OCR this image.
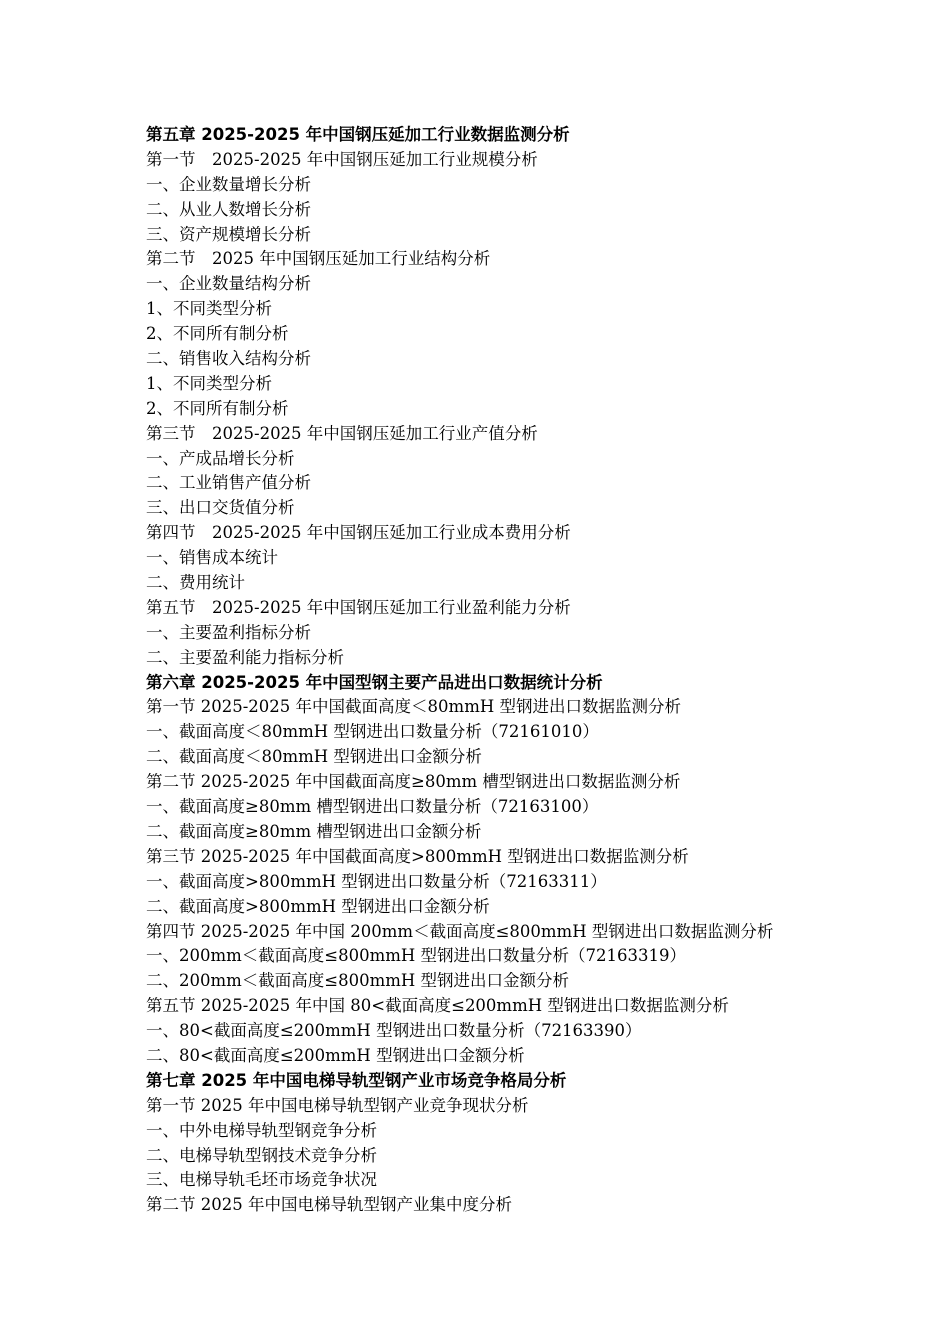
第五章 2025-2025 年中国钢压延加工行业数据监测分析
第一节　2025-2025 年中国钢压延加工行业规模分析
一、企业数量增长分析
二、从业人数增长分析
三、资产规模增长分析
第二节　2025 年中国钢压延加工行业结构分析
一、企业数量结构分析
1、不同类型分析
2、不同所有制分析
二、销售收入结构分析
1、不同类型分析
2、不同所有制分析
第三节　2025-2025 年中国钢压延加工行业产值分析
一、产成品增长分析
二、工业销售产值分析
三、出口交货值分析
第四节　2025-2025 年中国钢压延加工行业成本费用分析
一、销售成本统计
二、费用统计
第五节　2025-2025 年中国钢压延加工行业盈利能力分析
一、主要盈利指标分析
二、主要盈利能力指标分析
第六章 2025-2025 年中国型钢主要产品进出口数据统计分析
第一节 2025-2025 年中国截面高度＜80mmH 型钢进出口数据监测分析
一、截面高度＜80mmH 型钢进出口数量分析（72161010）
二、截面高度＜80mmH 型钢进出口金额分析
第二节 2025-2025 年中国截面高度≥80mm 槽型钢进出口数据监测分析
一、截面高度≥80mm 槽型钢进出口数量分析（72163100）
二、截面高度≥80mm 槽型钢进出口金额分析
第三节 2025-2025 年中国截面高度>800mmH 型钢进出口数据监测分析
一、截面高度>800mmH 型钢进出口数量分析（72163311）
二、截面高度>800mmH 型钢进出口金额分析
第四节 2025-2025 年中国 200mm＜截面高度≤800mmH 型钢进出口数据监测分析
一、200mm＜截面高度≤800mmH 型钢进出口数量分析（72163319）
二、200mm＜截面高度≤800mmH 型钢进出口金额分析
第五节 2025-2025 年中国 80<截面高度≤200mmH 型钢进出口数据监测分析
一、80<截面高度≤200mmH 型钢进出口数量分析（72163390）
二、80<截面高度≤200mmH 型钢进出口金额分析
第七章 2025 年中国电梯导轨型钢产业市场竞争格局分析
第一节 2025 年中国电梯导轨型钢产业竞争现状分析
一、中外电梯导轨型钢竞争分析
二、电梯导轨型钢技术竞争分析
三、电梯导轨毛坯市场竞争状况
第二节 2025 年中国电梯导轨型钢产业集中度分析
